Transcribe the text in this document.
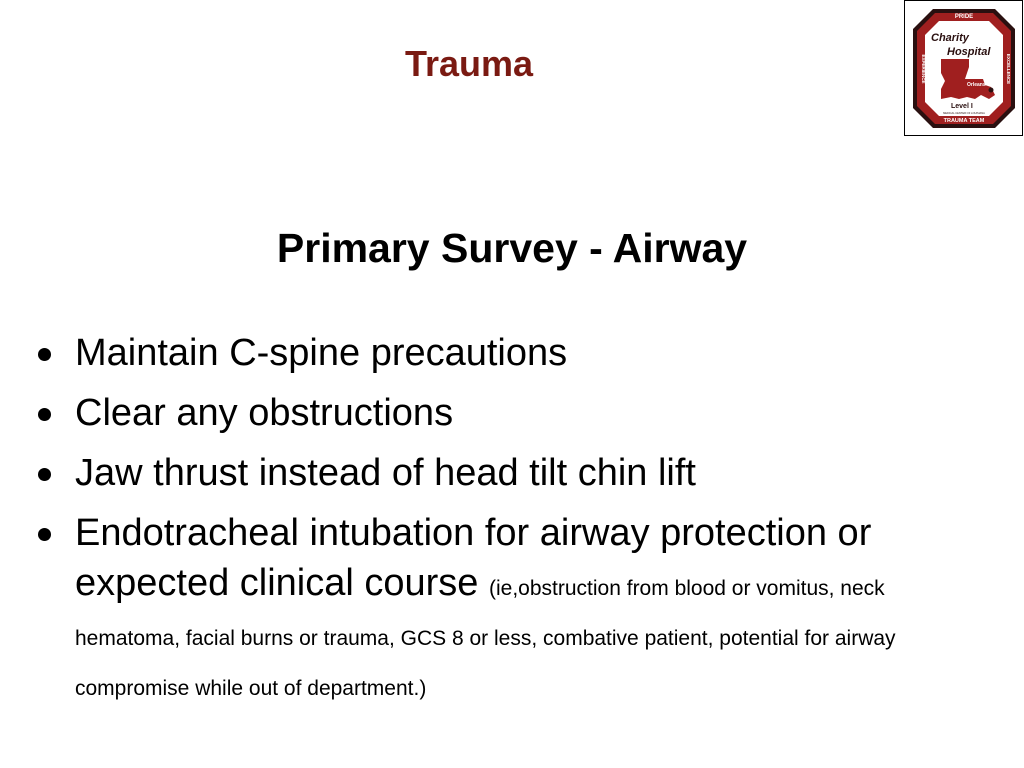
Trauma
PRIDE
TRAUMA TEAM
EXPERIENCE	EXCELLENCE
Charity
Hospital
New
Orleans
Level I
MEDICAL CENTER OF LOUISIANA
Primary Survey - Airway
Maintain C-spine precautions
Clear any obstructions
Jaw thrust instead of head tilt chin lift
Endotracheal intubation for airway protection or expected clinical course (ie,obstruction from blood or vomitus, neck hematoma, facial burns or trauma, GCS 8 or less, combative patient, potential for airway compromise while out of department.)
